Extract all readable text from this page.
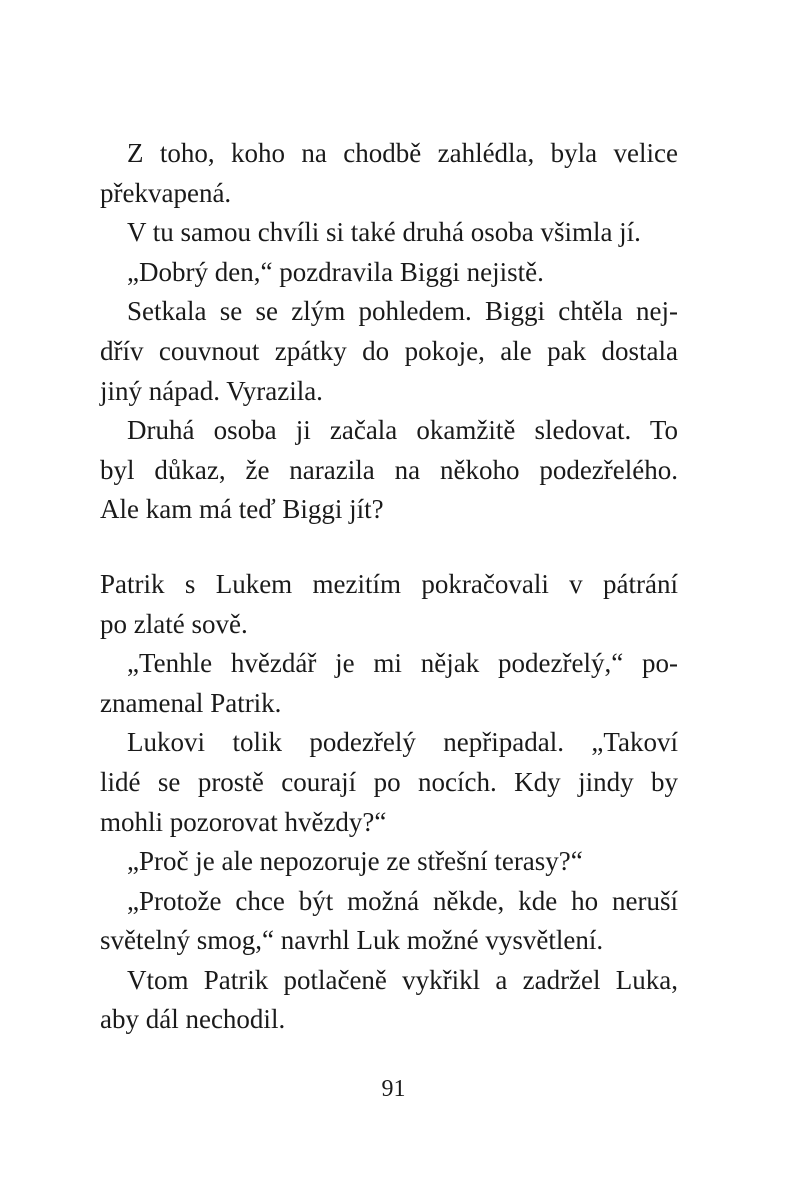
Z toho, koho na chodbě zahlédla, byla velice
překvapená.
V tu samou chvíli si také druhá osoba všimla jí.
„Dobrý den,“ pozdravila Biggi nejistě.
Setkala se se zlým pohledem. Biggi chtěla nej-
dřív couvnout zpátky do pokoje, ale pak dostala
jiný nápad. Vyrazila.
Druhá osoba ji začala okamžitě sledovat. To
byl důkaz, že narazila na někoho podezřelého.
Ale kam má teď Biggi jít?
Patrik s Lukem mezitím pokračovali v pátrání
po zlaté sově.
„Tenhle hvězdář je mi nějak podezřelý,“ po-
znamenal Patrik.
Lukovi tolik podezřelý nepřipadal. „Takoví
lidé se prostě courají po nocích. Kdy jindy by
mohli pozorovat hvězdy?“
„Proč je ale nepozoruje ze střešní terasy?“
„Protože chce být možná někde, kde ho neruší
světelný smog,“ navrhl Luk možné vysvětlení.
Vtom Patrik potlačeně vykřikl a zadržel Luka,
aby dál nechodil.
91
